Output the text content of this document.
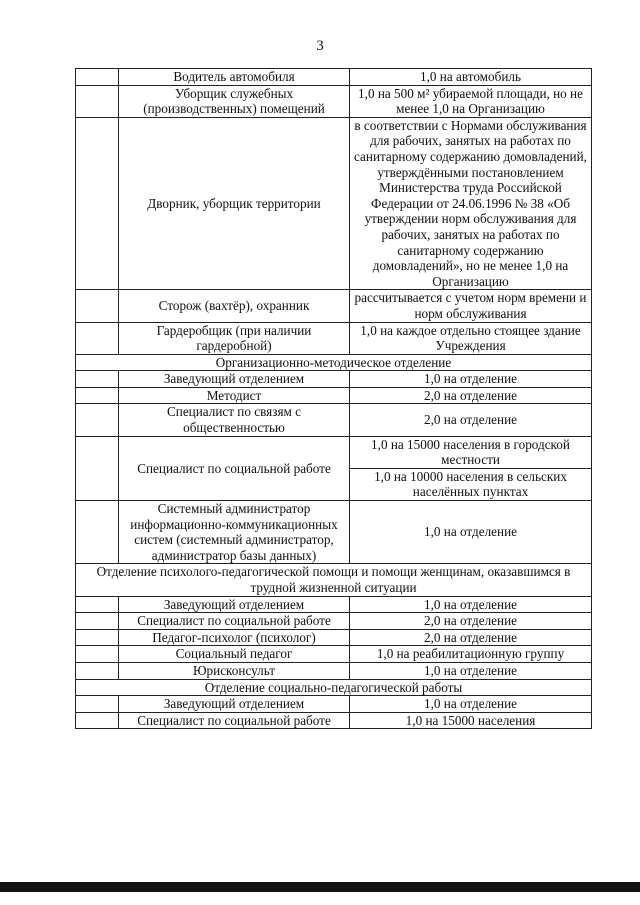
3
	Водитель автомобиля	1,0 на автомобиль
	Уборщик служебных (производственных) помещений	1,0 на 500 м² убираемой площади, но не менее 1,0 на Организацию
	Дворник, уборщик территории	в соответствии с Нормами обслуживания для рабочих, занятых на работах по санитарному содержанию домовладений, утверждёнными постановлением Министерства труда Российской Федерации от 24.06.1996 № 38 «Об утверждении норм обслуживания для рабочих, занятых на работах по санитарному содержанию домовладений», но не менее 1,0 на Организацию
	Сторож (вахтёр), охранник	рассчитывается с учетом норм времени и норм обслуживания
	Гардеробщик (при наличии гардеробной)	1,0 на каждое отдельно стоящее здание Учреждения
Организационно-методическое отделение		
	Заведующий отделением	1,0 на отделение
	Методист	2,0 на отделение
	Специалист по связям с общественностью	2,0 на отделение
	Специалист по социальной работе	1,0 на 15000 населения в городской местности
		1,0 на 10000 населения в сельских населённых пунктах
	Системный администратор информационно-коммуникационных систем (системный администратор, администратор базы данных)	1,0 на отделение
Отделение психолого-педагогической помощи и помощи женщинам, оказавшимся в трудной жизненной ситуации		
	Заведующий отделением	1,0 на отделение
	Специалист по социальной работе	2,0 на отделение
	Педагог-психолог (психолог)	2,0 на отделение
	Социальный педагог	1,0 на реабилитационную группу
	Юрисконсульт	1,0 на отделение
Отделение социально-педагогической работы		
	Заведующий отделением	1,0 на отделение
	Специалист по социальной работе	1,0 на 15000 населения
